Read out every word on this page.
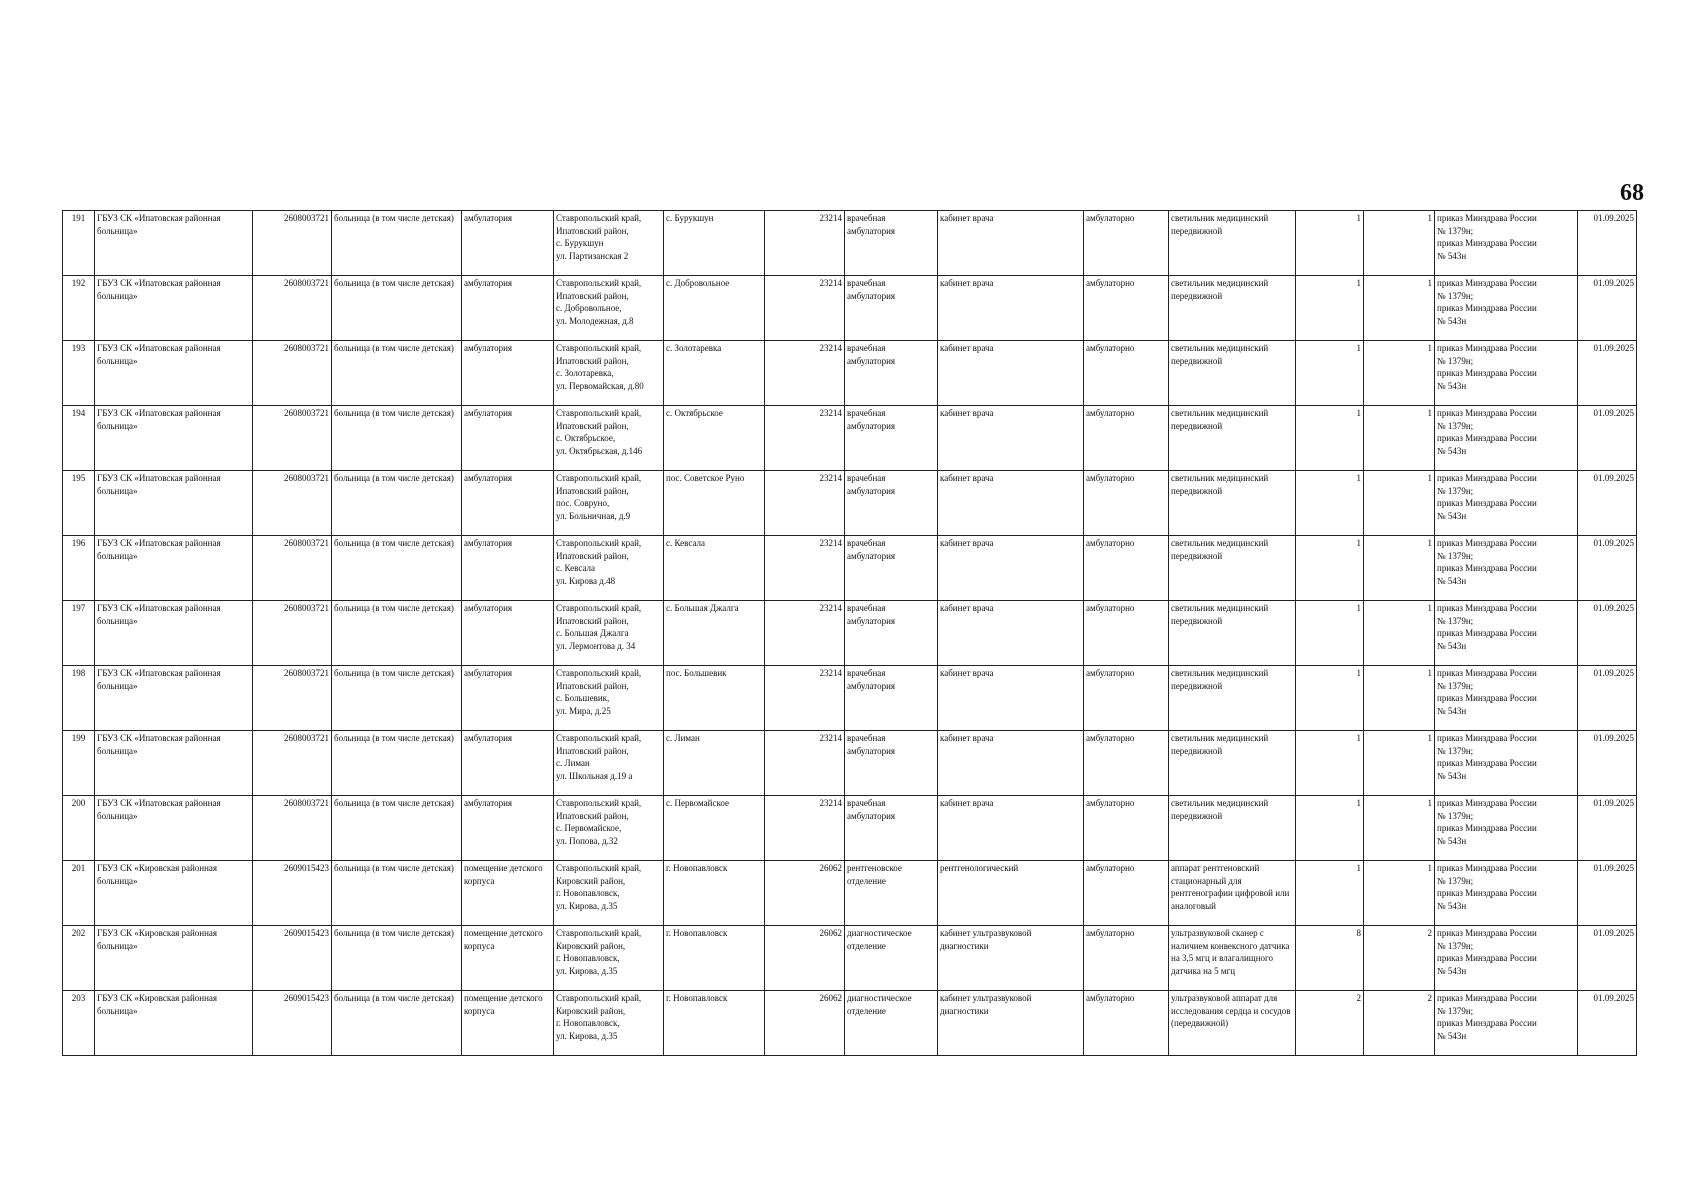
68
191	ГБУЗ СК «Ипатовская районная больница»	2608003721	больница (в том числе детская)	амбулатория	Ставропольский край,
Ипатовский район,
с. Бурукшун
ул. Партизанская 2	с. Бурукшун	23214	врачебная амбулатория	кабинет врача	амбулаторно	светильник медицинский передвижной	1	1	приказ Минздрава России
№ 1379н;
приказ Минздрава России
№ 543н	01.09.2025
192	ГБУЗ СК «Ипатовская районная больница»	2608003721	больница (в том числе детская)	амбулатория	Ставропольский край,
Ипатовский район,
с. Добровольное,
ул. Молодежная, д.8	с. Добровольное	23214	врачебная амбулатория	кабинет врача	амбулаторно	светильник медицинский передвижной	1	1	приказ Минздрава России
№ 1379н;
приказ Минздрава России
№ 543н	01.09.2025
193	ГБУЗ СК «Ипатовская районная больница»	2608003721	больница (в том числе детская)	амбулатория	Ставропольский край,
Ипатовский район,
с. Золотаревка,
ул. Первомайская, д.80	с. Золотаревка	23214	врачебная амбулатория	кабинет врача	амбулаторно	светильник медицинский передвижной	1	1	приказ Минздрава России
№ 1379н;
приказ Минздрава России
№ 543н	01.09.2025
194	ГБУЗ СК «Ипатовская районная больница»	2608003721	больница (в том числе детская)	амбулатория	Ставропольский край,
Ипатовский район,
с. Октябрьское,
ул. Октябрьская, д.146	с. Октябрьское	23214	врачебная амбулатория	кабинет врача	амбулаторно	светильник медицинский передвижной	1	1	приказ Минздрава России
№ 1379н;
приказ Минздрава России
№ 543н	01.09.2025
195	ГБУЗ СК «Ипатовская районная больница»	2608003721	больница (в том числе детская)	амбулатория	Ставропольский край,
Ипатовский район,
пос. Совруно,
ул. Больничная, д.9	пос. Советское Руно	23214	врачебная амбулатория	кабинет врача	амбулаторно	светильник медицинский передвижной	1	1	приказ Минздрава России
№ 1379н;
приказ Минздрава России
№ 543н	01.09.2025
196	ГБУЗ СК «Ипатовская районная больница»	2608003721	больница (в том числе детская)	амбулатория	Ставропольский край,
Ипатовский район,
с. Кевсала
ул. Кирова д.48	с. Кевсала	23214	врачебная амбулатория	кабинет врача	амбулаторно	светильник медицинский передвижной	1	1	приказ Минздрава России
№ 1379н;
приказ Минздрава России
№ 543н	01.09.2025
197	ГБУЗ СК «Ипатовская районная больница»	2608003721	больница (в том числе детская)	амбулатория	Ставропольский край,
Ипатовский район,
с. Большая Джалга
ул. Лермонтова д. 34	с. Большая Джалга	23214	врачебная амбулатория	кабинет врача	амбулаторно	светильник медицинский передвижной	1	1	приказ Минздрава России
№ 1379н;
приказ Минздрава России
№ 543н	01.09.2025
198	ГБУЗ СК «Ипатовская районная больница»	2608003721	больница (в том числе детская)	амбулатория	Ставропольский край,
Ипатовский район,
с. Большевик,
ул. Мира, д.25	пос. Большевик	23214	врачебная амбулатория	кабинет врача	амбулаторно	светильник медицинский передвижной	1	1	приказ Минздрава России
№ 1379н;
приказ Минздрава России
№ 543н	01.09.2025
199	ГБУЗ СК «Ипатовская районная больница»	2608003721	больница (в том числе детская)	амбулатория	Ставропольский край,
Ипатовский район,
с. Лиман
ул. Школьная д.19 а	с. Лиман	23214	врачебная амбулатория	кабинет врача	амбулаторно	светильник медицинский передвижной	1	1	приказ Минздрава России
№ 1379н;
приказ Минздрава России
№ 543н	01.09.2025
200	ГБУЗ СК «Ипатовская районная больница»	2608003721	больница (в том числе детская)	амбулатория	Ставропольский край,
Ипатовский район,
с. Первомайское,
ул. Попова, д.32	с. Первомайское	23214	врачебная амбулатория	кабинет врача	амбулаторно	светильник медицинский передвижной	1	1	приказ Минздрава России
№ 1379н;
приказ Минздрава России
№ 543н	01.09.2025
201	ГБУЗ СК «Кировская районная больница»	2609015423	больница (в том числе детская)	помещение детского корпуса	Ставропольский край,
Кировский район,
г. Новопавловск,
ул. Кирова, д.35	г. Новопавловск	26062	рентгеновское отделение	рентгенологический	амбулаторно	аппарат рентгеновский стационарный для рентгенографии цифровой или аналоговый	1	1	приказ Минздрава России
№ 1379н;
приказ Минздрава России
№ 543н	01.09.2025
202	ГБУЗ СК «Кировская районная больница»	2609015423	больница (в том числе детская)	помещение детского корпуса	Ставропольский край,
Кировский район,
г. Новопавловск,
ул. Кирова, д.35	г. Новопавловск	26062	диагностическое отделение	кабинет ультразвуковой диагностики	амбулаторно	ультразвуковой сканер с наличием конвексного датчика на 3,5 мгц и влагалищного датчика на 5 мгц	8	2	приказ Минздрава России
№ 1379н;
приказ Минздрава России
№ 543н	01.09.2025
203	ГБУЗ СК «Кировская районная больница»	2609015423	больница (в том числе детская)	помещение детского корпуса	Ставропольский край,
Кировский район,
г. Новопавловск,
ул. Кирова, д.35	г. Новопавловск	26062	диагностическое отделение	кабинет ультразвуковой диагностики	амбулаторно	ультразвуковой аппарат для исследования сердца и сосудов (передвижной)	2	2	приказ Минздрава России
№ 1379н;
приказ Минздрава России
№ 543н	01.09.2025
